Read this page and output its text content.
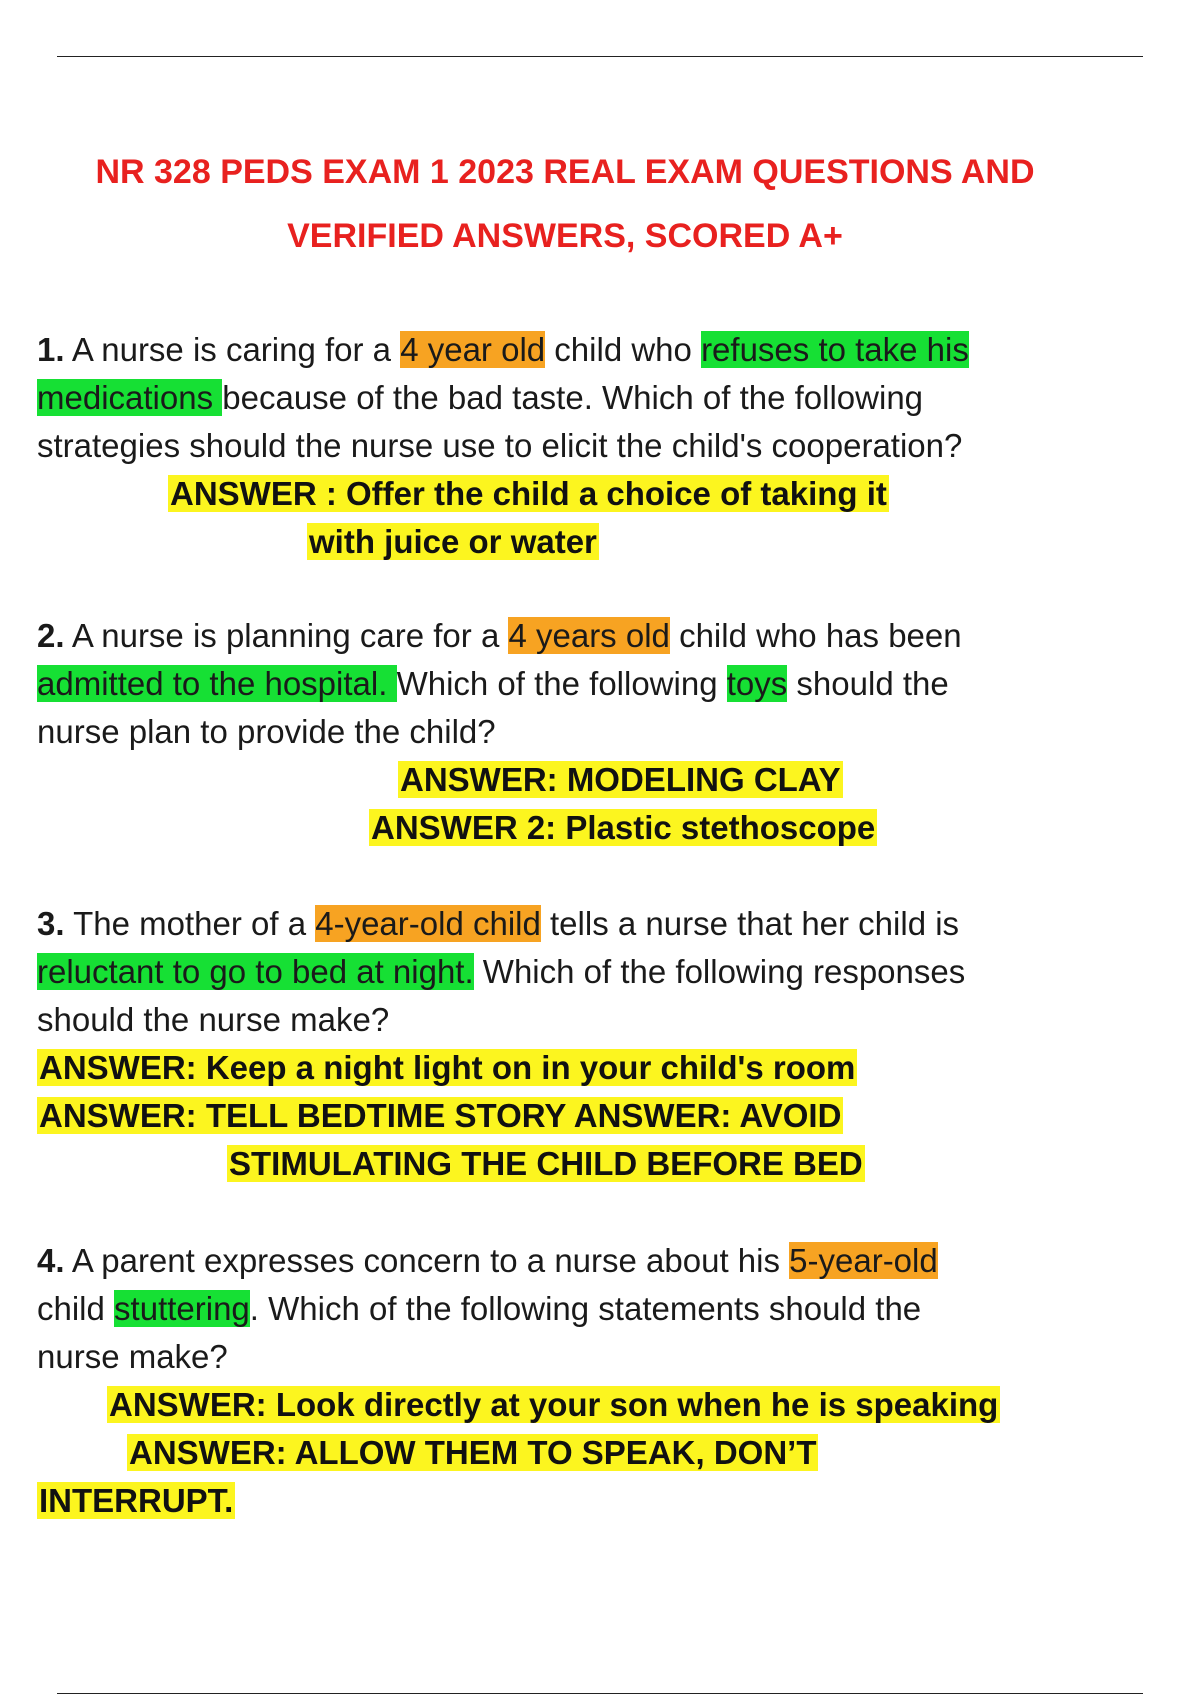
NR 328 PEDS EXAM 1 2023 REAL EXAM QUESTIONS AND
VERIFIED ANSWERS, SCORED A+

1. A nurse is caring for a 4 year old child who refuses to take his
medications because of the bad taste. Which of the following
strategies should the nurse use to elicit the child's cooperation?

ANSWER : Offer the child a choice of taking it
with juice or water

2. A nurse is planning care for a 4 years old child who has been
admitted to the hospital. Which of the following toys should the
nurse plan to provide the child?

ANSWER: MODELING CLAY
ANSWER 2: Plastic stethoscope

3. The mother of a 4-year-old child tells a nurse that her child is
reluctant to go to bed at night. Which of the following responses
should the nurse make?

ANSWER: Keep a night light on in your child's room
ANSWER: TELL BEDTIME STORY ANSWER: AVOID
STIMULATING THE CHILD BEFORE BED

4. A parent expresses concern to a nurse about his 5-year-old
child stuttering. Which of the following statements should the
nurse make?

ANSWER: Look directly at your son when he is speaking
ANSWER: ALLOW THEM TO SPEAK, DON’T
INTERRUPT.
